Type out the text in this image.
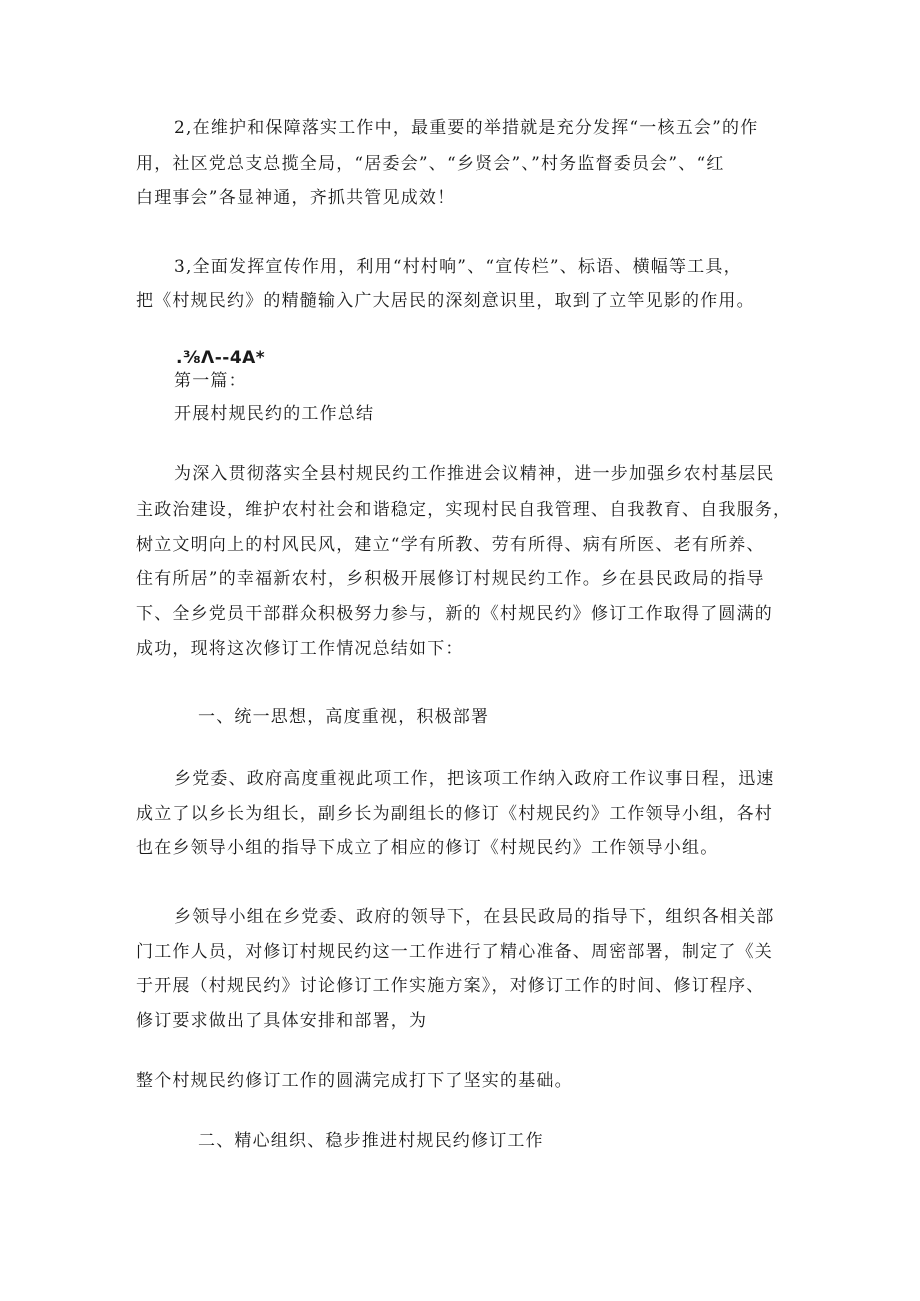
2,在维护和保障落实工作中，最重要的举措就是充分发挥“一核五会”的作
用，社区党总支总揽全局，“居委会”、“乡贤会”、”村务监督委员会”、“红
白理事会”各显神通，齐抓共管见成效！
3,全面发挥宣传作用，利用“村村响”、“宣传栏”、标语、横幅等工具，
把《村规民约》的精髓输入广大居民的深刻意识里，取到了立竿见影的作用。
.⅜Λ--4A*
第一篇：
开展村规民约的工作总结
为深入贯彻落实全县村规民约工作推进会议精神，进一步加强乡农村基层民
主政治建设，维护农村社会和谐稳定，实现村民自我管理、自我教育、自我服务，
树立文明向上的村风民风，建立“学有所教、劳有所得、病有所医、老有所养、
住有所居”的幸福新农村，乡积极开展修订村规民约工作。乡在县民政局的指导
下、全乡党员干部群众积极努力参与，新的《村规民约》修订工作取得了圆满的
成功，现将这次修订工作情况总结如下：
一、统一思想，高度重视，积极部署
乡党委、政府高度重视此项工作，把该项工作纳入政府工作议事日程，迅速
成立了以乡长为组长，副乡长为副组长的修订《村规民约》工作领导小组，各村
也在乡领导小组的指导下成立了相应的修订《村规民约》工作领导小组。
乡领导小组在乡党委、政府的领导下，在县民政局的指导下，组织各相关部
门工作人员，对修订村规民约这一工作进行了精心准备、周密部署，制定了《关
于开展（村规民约》讨论修订工作实施方案》，对修订工作的时间、修订程序、
修订要求做出了具体安排和部署，为
整个村规民约修订工作的圆满完成打下了坚实的基础。
二、精心组织、稳步推进村规民约修订工作
